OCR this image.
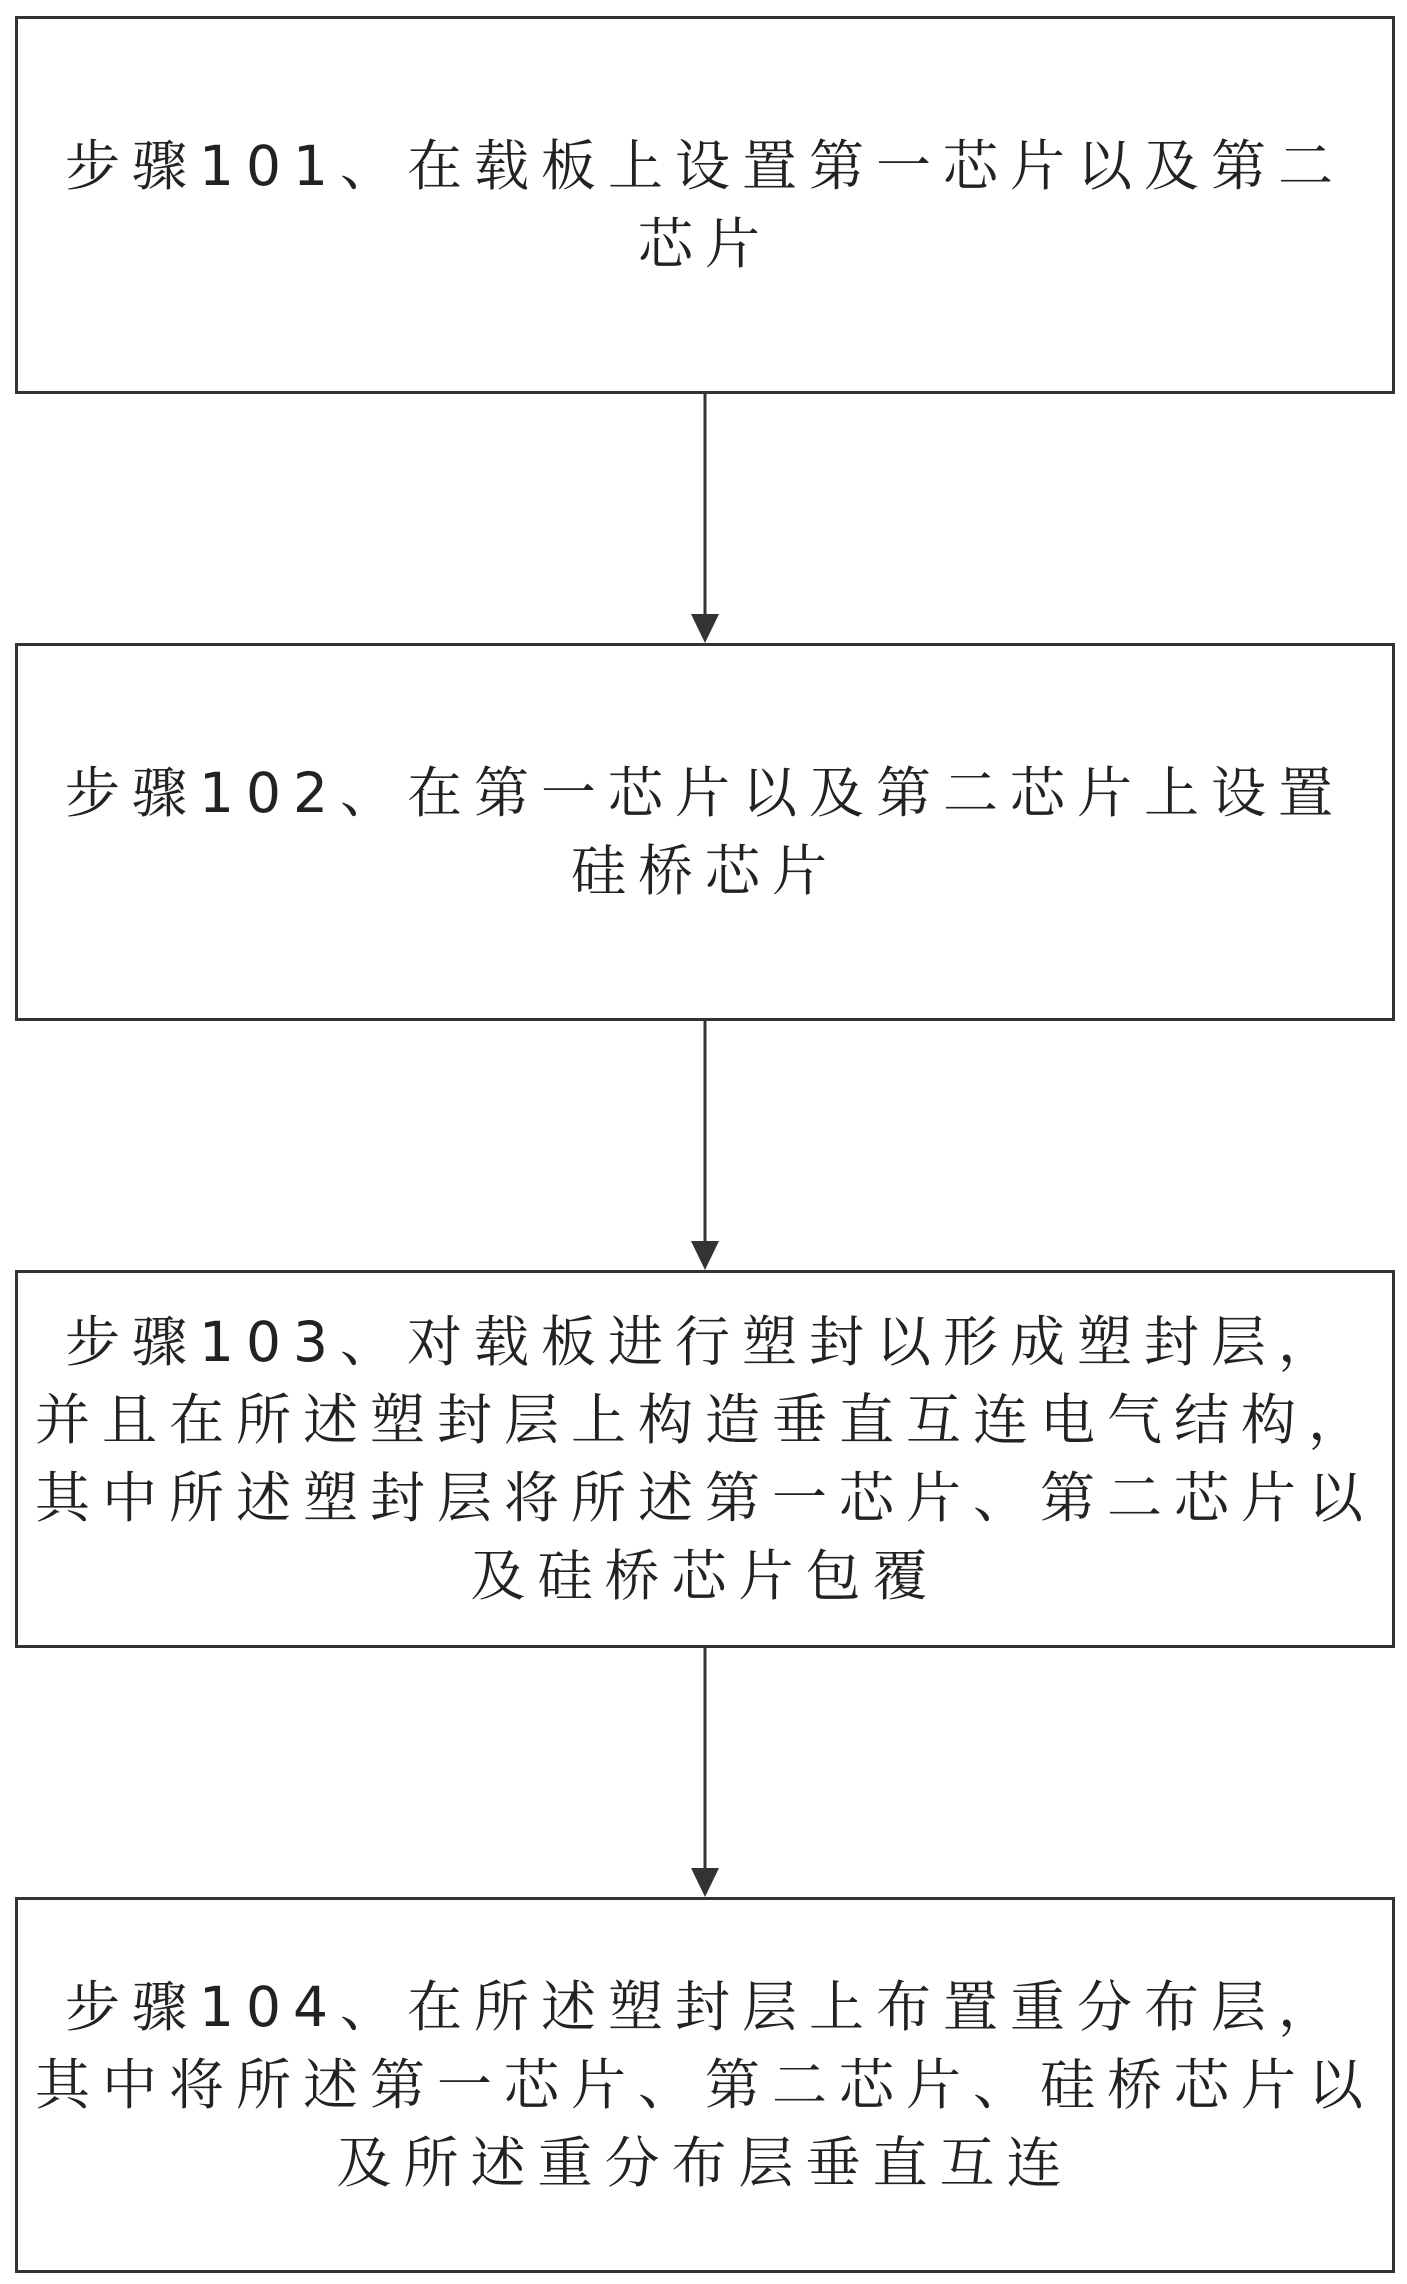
步骤101、在载板上设置第一芯片以及第二芯片
步骤102、在第一芯片以及第二芯片上设置硅桥芯片
步骤103、对载板进行塑封以形成塑封层，并且在所述塑封层上构造垂直互连电气结构，其中所述塑封层将所述第一芯片、第二芯片以及硅桥芯片包覆
步骤104、在所述塑封层上布置重分布层，其中将所述第一芯片、第二芯片、硅桥芯片以及所述重分布层垂直互连
